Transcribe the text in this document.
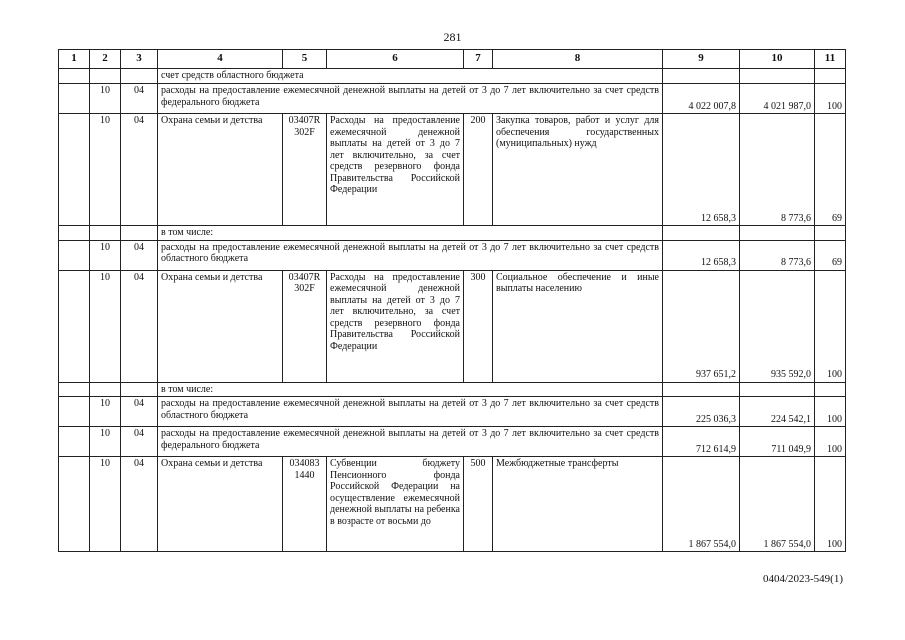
281
1	2	3	4	5	6	7	8	9	10	11
			счет средств областного бюджета							
	10	04	расходы на предоставление ежемесячной денежной выплаты на детей от 3 до 7 лет включительно за счет средств федерального бюджета					4 022 007,8	4 021 987,0	100
	10	04	Охрана семьи и детства	03407R 302F	Расходы на предоставление ежемесячной денежной выплаты на детей от 3 до 7 лет включительно, за счет средств резервного фонда Правительства Российской Федерации	200	Закупка товаров, работ и услуг для обеспечения государственных (муниципальных) нужд	12 658,3	8 773,6	69
			в том числе:							
	10	04	расходы на предоставление ежемесячной денежной выплаты на детей от 3 до 7 лет включительно за счет средств областного бюджета					12 658,3	8 773,6	69
	10	04	Охрана семьи и детства	03407R 302F	Расходы на предоставление ежемесячной денежной выплаты на детей от 3 до 7 лет включительно, за счет средств резервного фонда Правительства Российской Федерации	300	Социальное обеспечение и иные выплаты населению	937 651,2	935 592,0	100
			в том числе:							
	10	04	расходы на предоставление ежемесячной денежной выплаты на детей от 3 до 7 лет включительно за счет средств областного бюджета					225 036,3	224 542,1	100
	10	04	расходы на предоставление ежемесячной денежной выплаты на детей от 3 до 7 лет включительно за счет средств федерального бюджета					712 614,9	711 049,9	100
	10	04	Охрана семьи и детства	034083 1440	Субвенции бюджету Пенсионного фонда Российской Федерации на осуществление ежемесячной денежной выплаты на ребенка в возрасте от восьми до	500	Межбюджетные трансферты	1 867 554,0	1 867 554,0	100
0404/2023-549(1)
